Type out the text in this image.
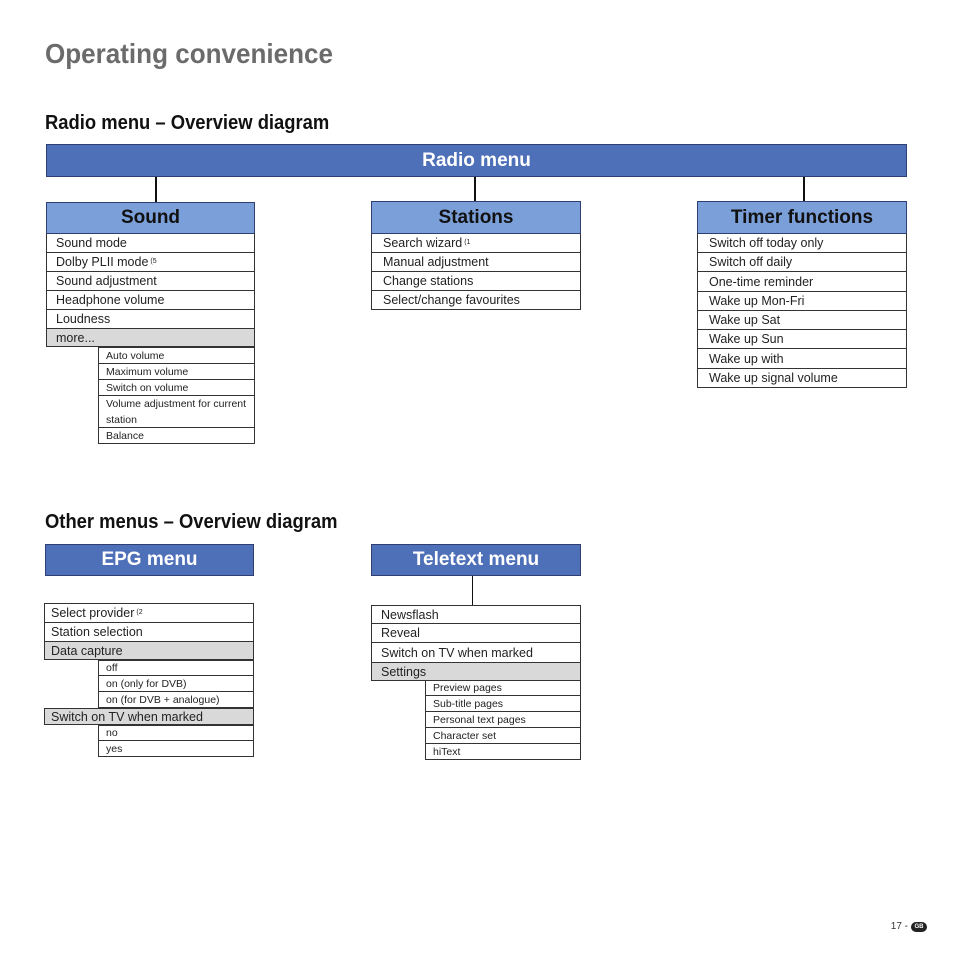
Operating convenience
Radio menu – Overview diagram
Radio menu
Sound
Sound mode
Dolby PLII mode $^{(5}$
Sound adjustment
Headphone volume
Loudness
more...
Auto volume
Maximum volume
Switch on volume
Volume adjustment for current station
Balance
Stations
Search wizard $^{(1}$
Manual adjustment
Change stations
Select/change favourites
Timer functions
Switch off today only
Switch off daily
One-time reminder
Wake up Mon-Fri
Wake up Sat
Wake up Sun
Wake up with
Wake up signal volume
Other menus – Overview diagram
EPG menu
Select provider $^{(2}$
Station selection
Data capture
off
on (only for DVB)
on (for DVB + analogue)
Switch on TV when marked
no
yes
Teletext menu
Newsflash
Reveal
Switch on TV when marked
Settings
Preview pages
Sub-title pages
Personal text pages
Character set
hiText
17 -	GB
